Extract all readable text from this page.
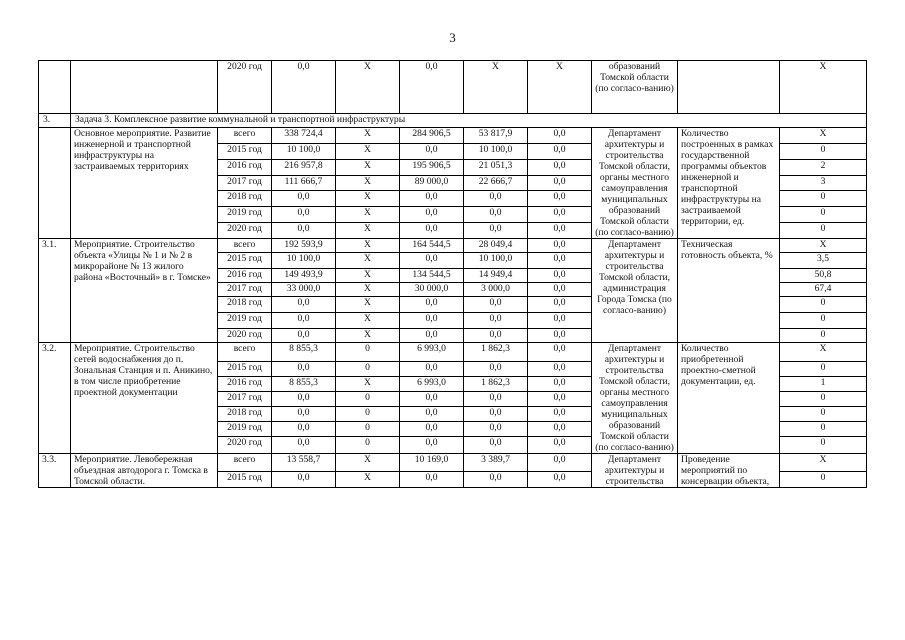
3
		2020 год	0,0	X	0,0	X	X	образований Томской области (по согласо-ванию)		X
3.	Задача 3. Комплексное развитие коммунальной и транспортной инфраструктуры									
	Основное мероприятие. Развитие инженерной и транспортной инфраструктуры на застраиваемых территориях	всего	338 724,4	X	284 906,5	53 817,9	0,0	Департамент архитектуры и строительства Томской области, органы местного самоуправления муниципальных образований Томской области (по согласо-ванию)	Количество построенных в рамках государственной программы объектов инженерной и транспортной инфраструктуры на застраиваемой территории, ед.	X
		2015 год	10 100,0	X	0,0	10 100,0	0,0			0
		2016 год	216 957,8	X	195 906,5	21 051,3	0,0			2
		2017 год	111 666,7	X	89 000,0	22 666,7	0,0			3
		2018 год	0,0	X	0,0	0,0	0,0			0
		2019 год	0,0	X	0,0	0,0	0,0			0
		2020 год	0,0	X	0,0	0,0	0,0			0
3.1.	Мероприятие. Строительство объекта «Улицы № 1 и № 2 в микрорайоне № 13 жилого района «Восточный» в г. Томске»	всего	192 593,9	X	164 544,5	28 049,4	0,0	Департамент архитектуры и строительства Томской области, администрация Города Томска (по согласо-ванию)	Техническая готовность объекта, %	X
		2015 год	10 100,0	X	0,0	10 100,0	0,0			3,5
		2016 год	149 493,9	X	134 544,5	14 949,4	0,0			50,8
		2017 год	33 000,0	X	30 000,0	3 000,0	0,0			67,4
		2018 год	0,0	X	0,0	0,0	0,0			0
		2019 год	0,0	X	0,0	0,0	0,0			0
		2020 год	0,0	X	0,0	0,0	0,0			0
3.2.	Мероприятие. Строительство сетей водоснабжения до п. Зональная Станция и п. Аникино, в том числе приобретение проектной документации	всего	8 855,3	0	6 993,0	1 862,3	0,0	Департамент архитектуры и строительства Томской области, органы местного самоуправления муниципальных образований Томской области (по согласо-ванию)	Количество приобретенной проектно-сметной документации, ед.	X
		2015 год	0,0	0	0,0	0,0	0,0			0
		2016 год	8 855,3	X	6 993,0	1 862,3	0,0			1
		2017 год	0,0	0	0,0	0,0	0,0			0
		2018 год	0,0	0	0,0	0,0	0,0			0
		2019 год	0,0	0	0,0	0,0	0,0			0
		2020 год	0,0	0	0,0	0,0	0,0			0
3.3.	Мероприятие. Левобережная объездная автодорога г. Томска в Томской области.	всего	13 558,7	X	10 169,0	3 389,7	0,0	Департамент архитектуры и строительства	Проведение мероприятий по консервации объекта,	X
		2015 год	0,0	X	0,0	0,0	0,0			0
